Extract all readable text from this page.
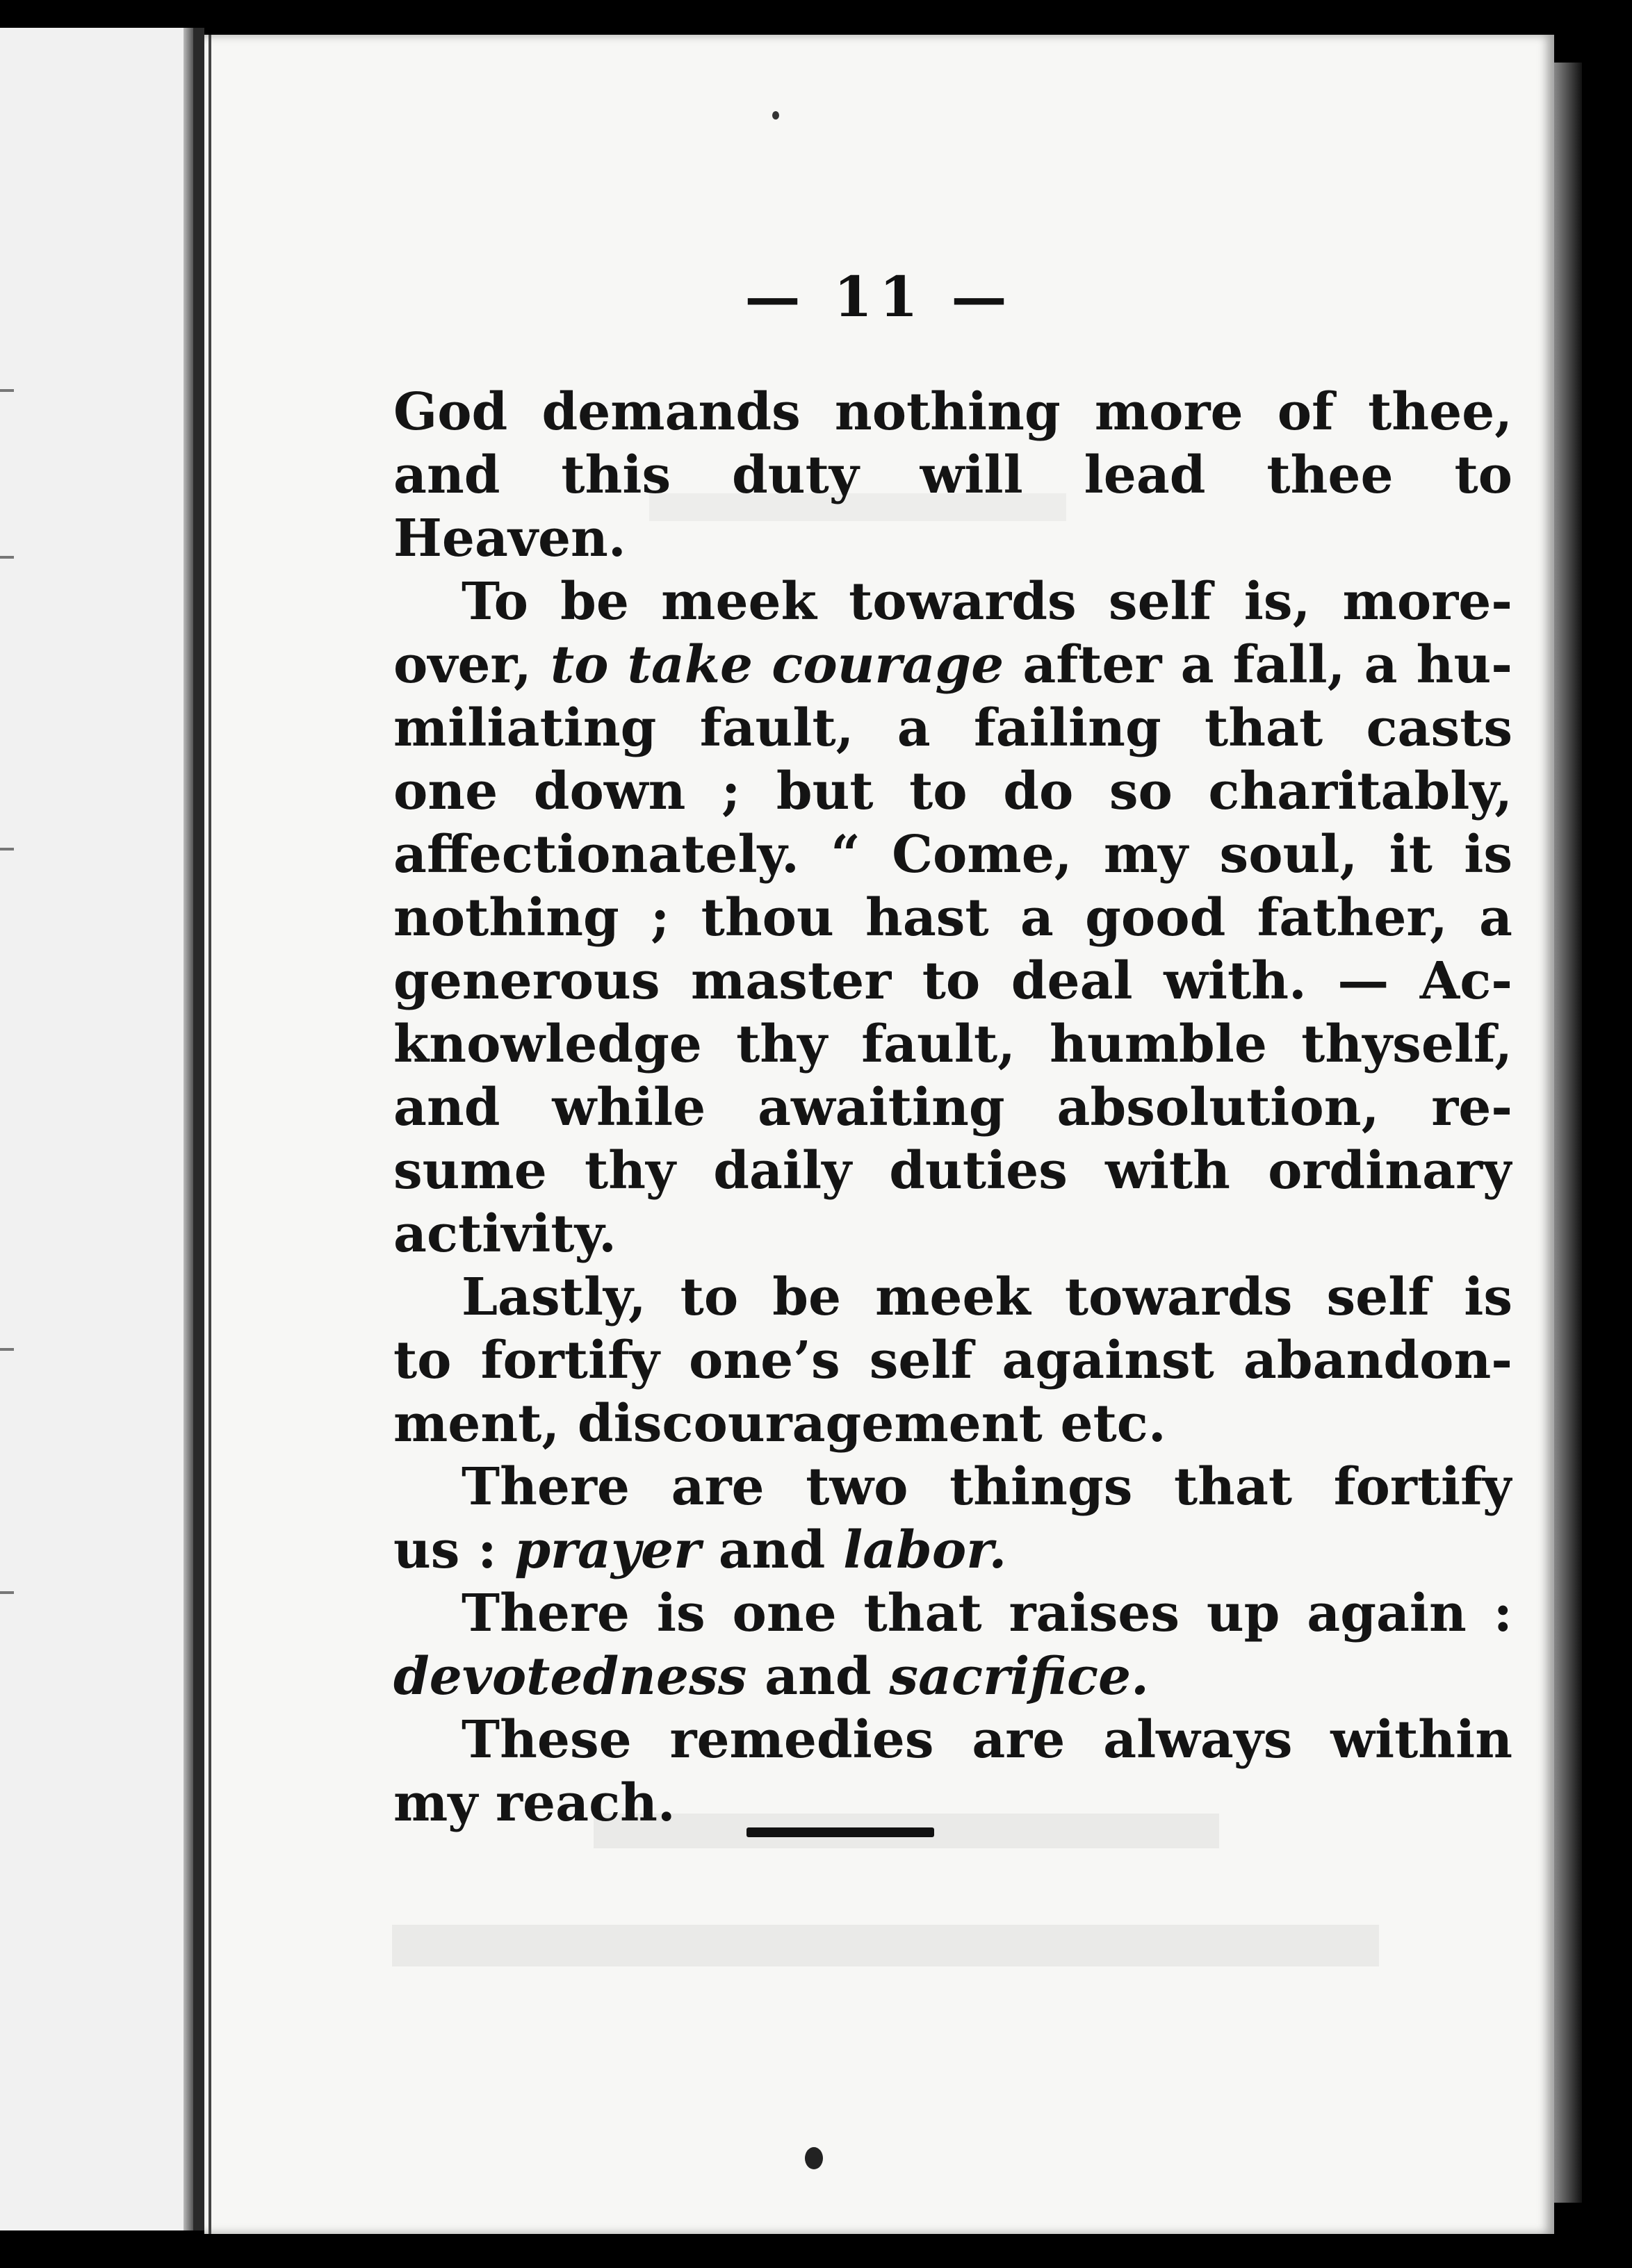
— 11 —
God demands nothing more of thee,
and this duty will lead thee to
Heaven.
To be meek towards self is, more-
over, to take courage after a fall, a hu-
miliating fault, a failing that casts
one down ; but to do so charitably,
affectionately. “ Come, my soul, it is
nothing ; thou hast a good father, a
generous master to deal with. — Ac-
knowledge thy fault, humble thyself,
and while awaiting absolution, re-
sume thy daily duties with ordinary
activity.
Lastly, to be meek towards self is
to fortify one’s self against abandon-
ment, discouragement etc.
There are two things that fortify
us : prayer and labor.
There is one that raises up again :
devotedness and sacrifice.
These remedies are always within
my reach.
